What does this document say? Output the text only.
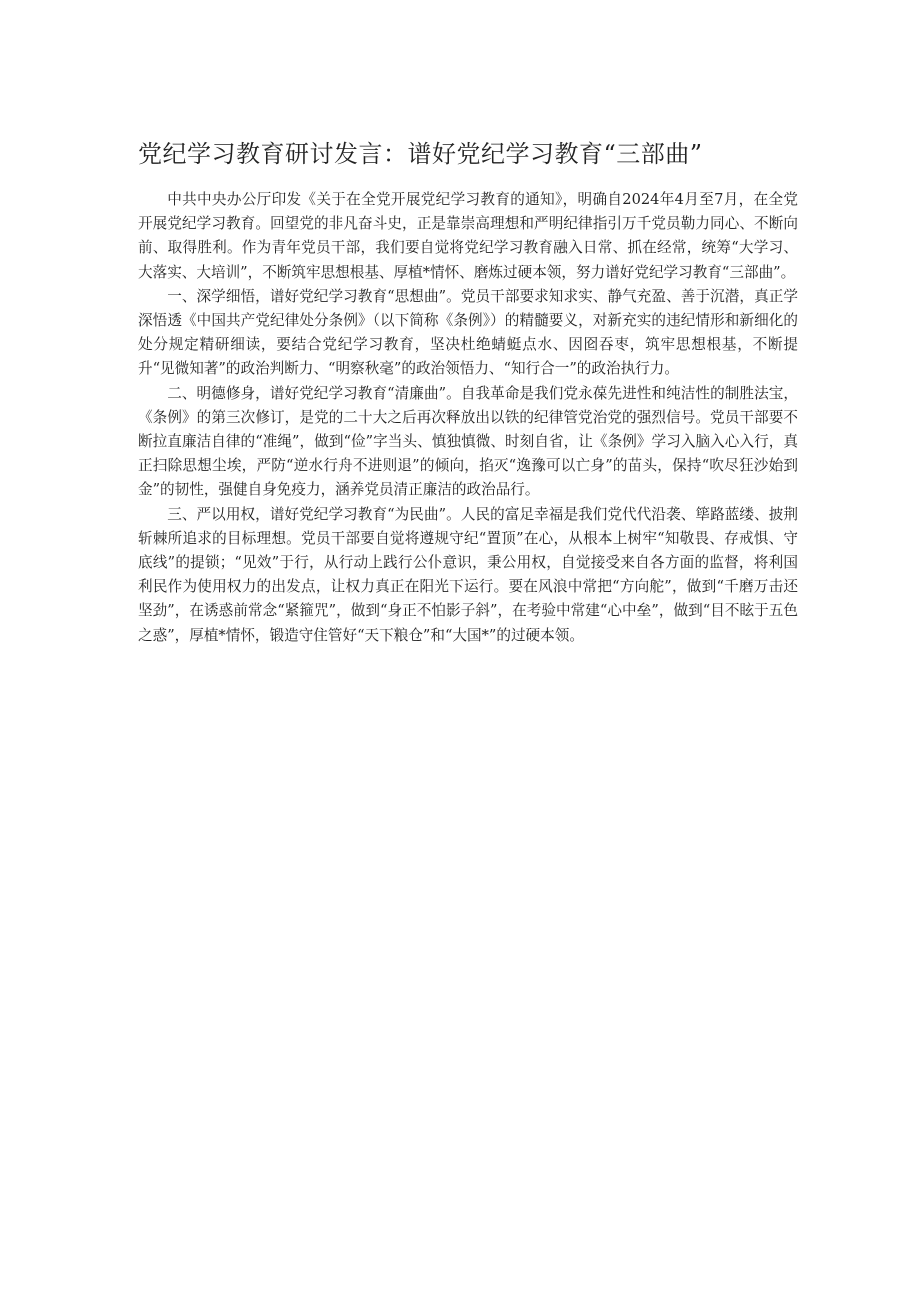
党纪学习教育研讨发言：谱好党纪学习教育“三部曲”

中共中央办公厅印发《关于在全党开展党纪学习教育的通知》，明确自2024年4月至7月，在全党开展党纪学习教育。回望党的非凡奋斗史，正是靠崇高理想和严明纪律指引万千党员勒力同心、不断向前、取得胜利。作为青年党员干部，我们要自觉将党纪学习教育融入日常、抓在经常，统筹“大学习、大落实、大培训”，不断筑牢思想根基、厚植*情怀、磨炼过硬本领，努力谱好党纪学习教育“三部曲”。

一、深学细悟，谱好党纪学习教育“思想曲”。党员干部要求知求实、静气充盈、善于沉潜，真正学深悟透《中国共产党纪律处分条例》（以下简称《条例》）的精髓要义，对新充实的违纪情形和新细化的处分规定精研细读，要结合党纪学习教育，坚决杜绝蜻蜓点水、因囵吞枣，筑牢思想根基，不断提升“见微知著”的政治判断力、“明察秋毫”的政治领悟力、“知行合一”的政治执行力。

二、明德修身，谱好党纪学习教育“清廉曲”。自我革命是我们党永葆先进性和纯洁性的制胜法宝，《条例》的第三次修订，是党的二十大之后再次释放出以铁的纪律管党治党的强烈信号。党员干部要不断拉直廉洁自律的“准绳”，做到“俭”字当头、慎独慎微、时刻自省，让《条例》学习入脑入心入行，真正扫除思想尘埃，严防“逆水行舟不进则退”的倾向，掐灭“逸豫可以亡身”的苗头，保持“吹尽狂沙始到金”的韧性，强健自身免疫力，涵养党员清正廉洁的政治品行。

三、严以用权，谱好党纪学习教育“为民曲”。人民的富足幸福是我们党代代沿袭、筚路蓝缕、披荆斩棘所追求的目标理想。党员干部要自觉将遵规守纪“置顶”在心，从根本上树牢“知敬畏、存戒惧、守底线”的提锁；“见效”于行，从行动上践行公仆意识，秉公用权，自觉接受来自各方面的监督，将利国利民作为使用权力的出发点，让权力真正在阳光下运行。要在风浪中常把“方向舵”，做到“千磨万击还坚劲”，在诱惑前常念“紧箍咒”，做到“身正不怕影子斜”，在考验中常建“心中垒”，做到“目不眩于五色之惑”，厚植*情怀，锻造守住管好“天下粮仓”和“大国*”的过硬本领。
